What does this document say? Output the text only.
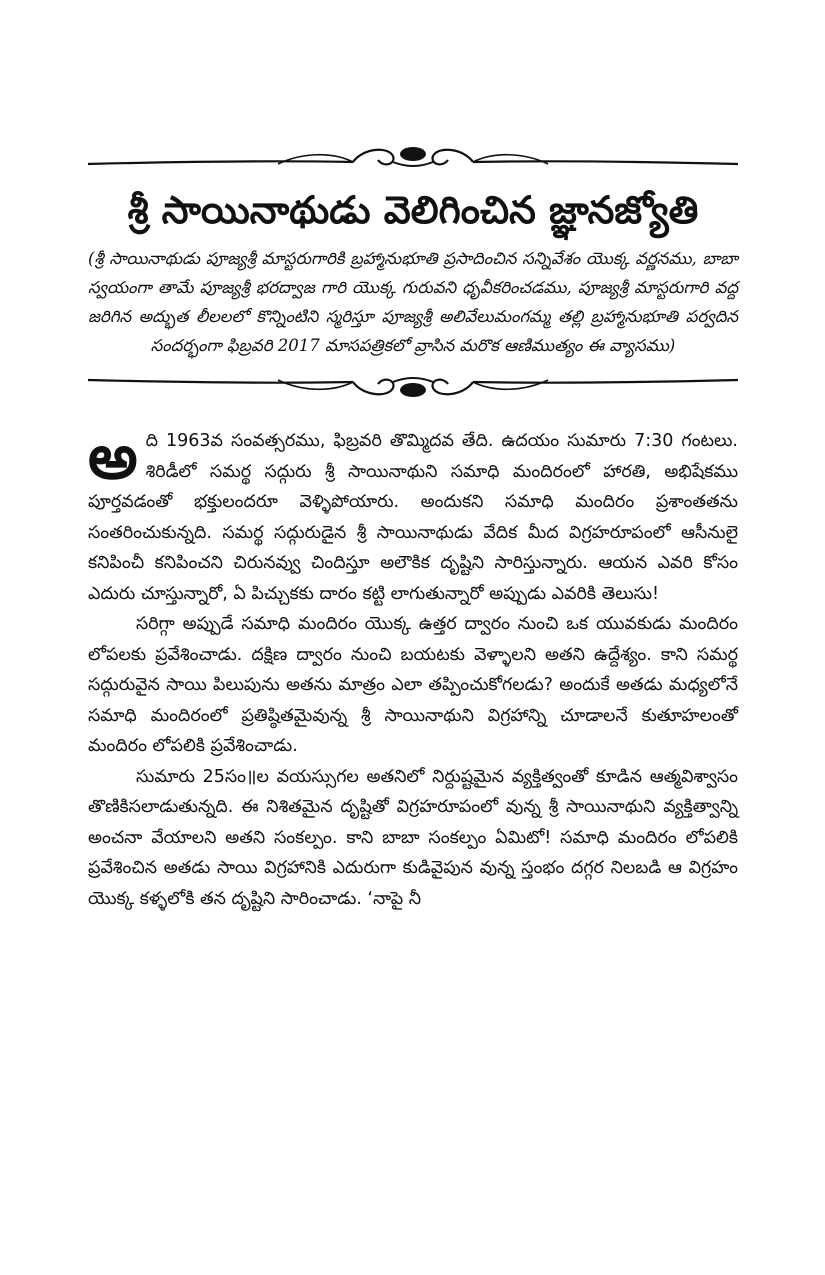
శ్రీ సాయినాథుడు వెలిగించిన జ్ఞానజ్యోతి

(శ్రీ సాయినాథుడు పూజ్యశ్రీ మాస్టరుగారికి బ్రహ్మానుభూతి ప్రసాదించిన సన్నివేశం యొక్క వర్ణనము, బాబా స్వయంగా తామే పూజ్యశ్రీ భరద్వాజ గారి యొక్క గురువని ధృవీకరించడము, పూజ్యశ్రీ మాస్టరుగారి వద్ద జరిగిన అద్భుత లీలలలో కొన్నింటిని స్మరిస్తూ పూజ్యశ్రీ అలివేలుమంగమ్మ తల్లి బ్రహ్మానుభూతి పర్వదిన సందర్భంగా ఫిబ్రవరి 2017 మాసపత్రికలో వ్రాసిన మరొక ఆణిముత్యం ఈ వ్యాసము)

అది 1963వ సంవత్సరము, ఫిబ్రవరి తొమ్మిదవ తేది. ఉదయం సుమారు 7:30 గంటలు. శిరిడీలో సమర్థ సద్గురు శ్రీ సాయినాథుని సమాధి మందిరంలో హారతి, అభిషేకము పూర్తవడంతో భక్తులందరూ వెళ్ళిపోయారు. అందుకని సమాధి మందిరం ప్రశాంతతను సంతరించుకున్నది. సమర్థ సద్గురుడైన శ్రీ సాయినాథుడు వేదిక మీద విగ్రహరూపంలో ఆసీనులై కనిపించీ కనిపించని చిరునవ్వు చిందిస్తూ అలౌకిక దృష్టిని సారిస్తున్నారు. ఆయన ఎవరి కోసం ఎదురు చూస్తున్నారో, ఏ పిచ్చుకకు దారం కట్టి లాగుతున్నారో అప్పుడు ఎవరికి తెలుసు!

సరిగ్గా అప్పుడే సమాధి మందిరం యొక్క ఉత్తర ద్వారం నుంచి ఒక యువకుడు మందిరం లోపలకు ప్రవేశించాడు. దక్షిణ ద్వారం నుంచి బయటకు వెళ్ళాలని అతని ఉద్దేశ్యం. కాని సమర్థ సద్గురువైన సాయి పిలుపును అతను మాత్రం ఎలా తప్పించుకోగలడు? అందుకే అతడు మధ్యలోనే సమాధి మందిరంలో ప్రతిష్ఠితమైవున్న శ్రీ సాయినాథుని విగ్రహాన్ని చూడాలనే కుతూహలంతో మందిరం లోపలికి ప్రవేశించాడు.

సుమారు 25సం॥ల వయస్సుగల అతనిలో నిర్దుష్టమైన వ్యక్తిత్వంతో కూడిన ఆత్మవిశ్వాసం తొణికిసలాడుతున్నది. ఈ నిశితమైన దృష్టితో విగ్రహరూపంలో వున్న శ్రీ సాయినాథుని వ్యక్తిత్వాన్ని అంచనా వేయాలని అతని సంకల్పం. కాని బాబా సంకల్పం ఏమిటో! సమాధి మందిరం లోపలికి ప్రవేశించిన అతడు సాయి విగ్రహానికి ఎదురుగా కుడివైపున వున్న స్తంభం దగ్గర నిలబడి ఆ విగ్రహం యొక్క కళ్ళలోకి తన దృష్టిని సారించాడు. ‘నాపై నీ
